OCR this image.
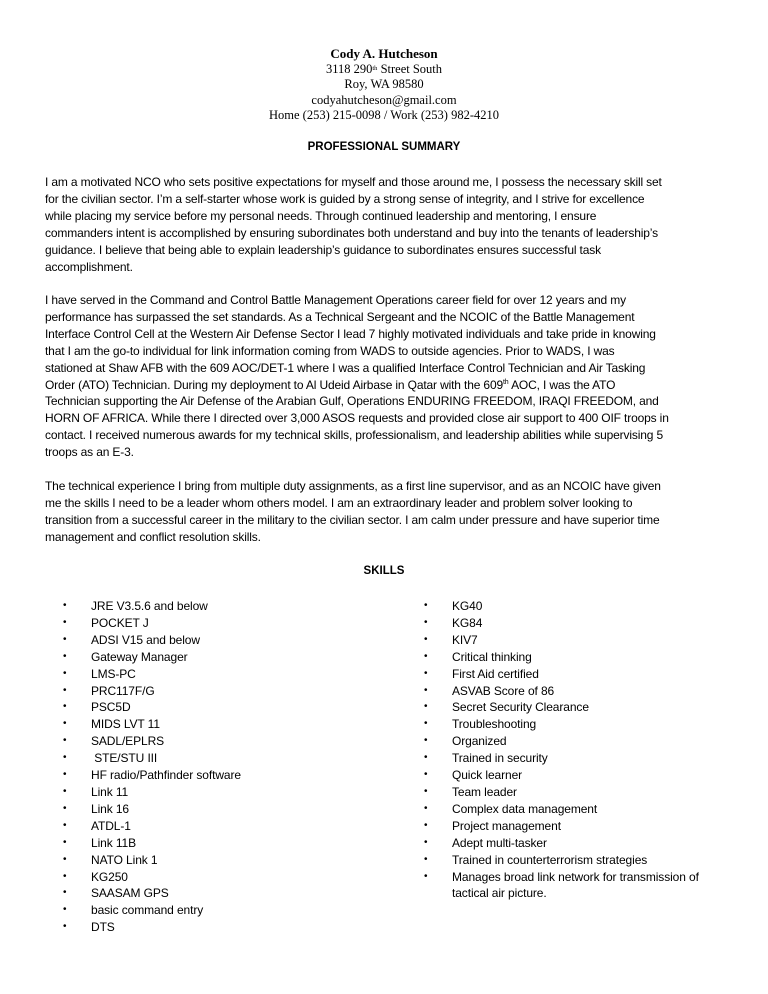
Cody A. Hutcheson
3118 290th Street South
Roy, WA 98580
codyahutcheson@gmail.com
Home (253) 215-0098 / Work (253) 982-4210
PROFESSIONAL SUMMARY
I am a motivated NCO who sets positive expectations for myself and those around me, I possess the necessary skill set
for the civilian sector. I’m a self-starter whose work is guided by a strong sense of integrity, and I strive for excellence
while placing my service before my personal needs. Through continued leadership and mentoring, I ensure
commanders intent is accomplished by ensuring subordinates both understand and buy into the tenants of leadership’s
guidance. I believe that being able to explain leadership’s guidance to subordinates ensures successful task
accomplishment.
I have served in the Command and Control Battle Management Operations career field for over 12 years and my
performance has surpassed the set standards. As a Technical Sergeant and the NCOIC of the Battle Management
Interface Control Cell at the Western Air Defense Sector I lead 7 highly motivated individuals and take pride in knowing
that I am the go-to individual for link information coming from WADS to outside agencies. Prior to WADS, I was
stationed at Shaw AFB with the 609 AOC/DET-1 where I was a qualified Interface Control Technician and Air Tasking
Order (ATO) Technician. During my deployment to Al Udeid Airbase in Qatar with the 609th AOC, I was the ATO
Technician supporting the Air Defense of the Arabian Gulf, Operations ENDURING FREEDOM, IRAQI FREEDOM, and
HORN OF AFRICA. While there I directed over 3,000 ASOS requests and provided close air support to 400 OIF troops in
contact. I received numerous awards for my technical skills, professionalism, and leadership abilities while supervising 5
troops as an E-3.
The technical experience I bring from multiple duty assignments, as a first line supervisor, and as an NCOIC have given
me the skills I need to be a leader whom others model. I am an extraordinary leader and problem solver looking to
transition from a successful career in the military to the civilian sector. I am calm under pressure and have superior time
management and conflict resolution skills.
SKILLS
• JRE V3.5.6 and below
• POCKET J
• ADSI V15 and below
• Gateway Manager
• LMS-PC
• PRC117F/G
• PSC5D
• MIDS LVT 11
• SADL/EPLRS
• STE/STU III
• HF radio/Pathfinder software
• Link 11
• Link 16
• ATDL-1
• Link 11B
• NATO Link 1
• KG250
• SAASAM GPS
• basic command entry
• DTS
• KG40
• KG84
• KIV7
• Critical thinking
• First Aid certified
• ASVAB Score of 86
• Secret Security Clearance
• Troubleshooting
• Organized
• Trained in security
• Quick learner
• Team leader
• Complex data management
• Project management
• Adept multi-tasker
• Trained in counterterrorism strategies
• Manages broad link network for transmission of tactical air picture.
